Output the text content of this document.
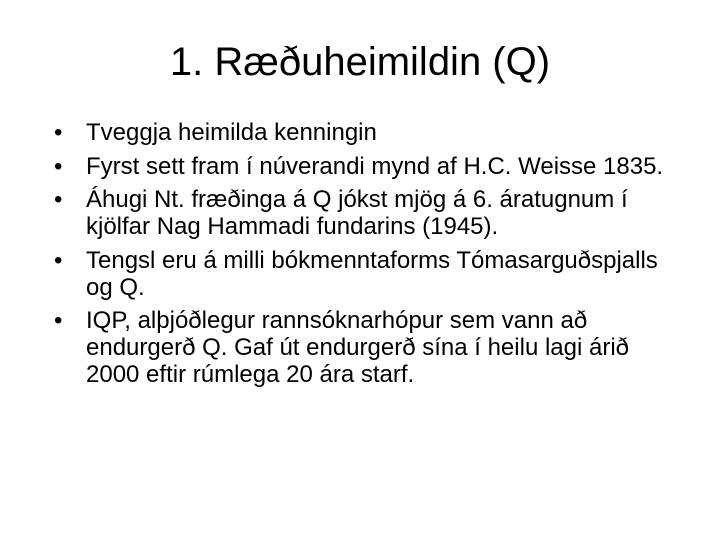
1. Ræðuheimildin (Q)
• Tveggja heimilda kenningin
• Fyrst sett fram í núverandi mynd af H.C. Weisse 1835.
• Áhugi Nt. fræðinga á Q jókst mjög á 6. áratugnum í kjölfar Nag Hammadi fundarins (1945).
• Tengsl eru á milli bókmenntaforms Tómasarguðspjalls og Q.
• IQP, alþjóðlegur rannsóknarhópur sem vann að endurgerð Q. Gaf út endurgerð sína í heilu lagi árið 2000 eftir rúmlega 20 ára starf.
